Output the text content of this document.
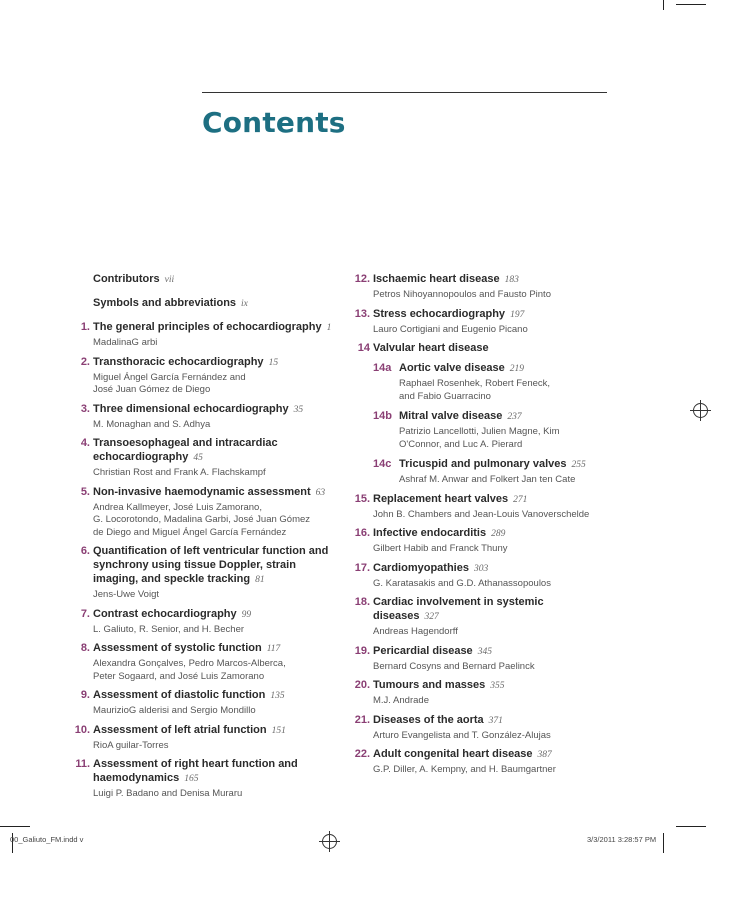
Contents
Contributors vii
Symbols and abbreviations ix
1. The general principles of echocardiography 1
MadalinaG arbi
2. Transthoracic echocardiography 15
Miguel Ángel García Fernández and
José Juan Gómez de Diego
3. Three dimensional echocardiography 35
M. Monaghan and S. Adhya
4. Transoesophageal and intracardiac echocardiography 45
Christian Rost and Frank A. Flachskampf
5. Non-invasive haemodynamic assessment 63
Andrea Kallmeyer, José Luis Zamorano,
G. Locorotondo, Madalina Garbi, José Juan Gómez
de Diego and Miguel Ángel García Fernández
6. Quantification of left ventricular function and synchrony using tissue Doppler, strain imaging, and speckle tracking 81
Jens-Uwe Voigt
7. Contrast echocardiography 99
L. Galiuto, R. Senior, and H. Becher
8. Assessment of systolic function 117
Alexandra Gonçalves, Pedro Marcos-Alberca,
Peter Sogaard, and José Luis Zamorano
9. Assessment of diastolic function 135
MaurizioG alderisi and Sergio Mondillo
10. Assessment of left atrial function 151
RioA guilar-Torres
11. Assessment of right heart function and haemodynamics 165
Luigi P. Badano and Denisa Muraru
12. Ischaemic heart disease 183
Petros Nihoyannopoulos and Fausto Pinto
13. Stress echocardiography 197
Lauro Cortigiani and Eugenio Picano
14 Valvular heart disease
14a Aortic valve disease 219
Raphael Rosenhek, Robert Feneck,
and Fabio Guarracino
14b Mitral valve disease 237
Patrizio Lancellotti, Julien Magne, Kim
O'Connor, and Luc A. Pierard
14c Tricuspid and pulmonary valves 255
Ashraf M. Anwar and Folkert Jan ten Cate
15. Replacement heart valves 271
John B. Chambers and Jean-Louis Vanoverschelde
16. Infective endocarditis 289
Gilbert Habib and Franck Thuny
17. Cardiomyopathies 303
G. Karatasakis and G.D. Athanassopoulos
18. Cardiac involvement in systemic diseases 327
Andreas Hagendorff
19. Pericardial disease 345
Bernard Cosyns and Bernard Paelinck
20. Tumours and masses 355
M.J. Andrade
21. Diseases of the aorta 371
Arturo Evangelista and T. González-Alujas
22. Adult congenital heart disease 387
G.P. Diller, A. Kempny, and H. Baumgartner
00_Galiuto_FM.indd v	3/3/2011 3:28:57 PM
